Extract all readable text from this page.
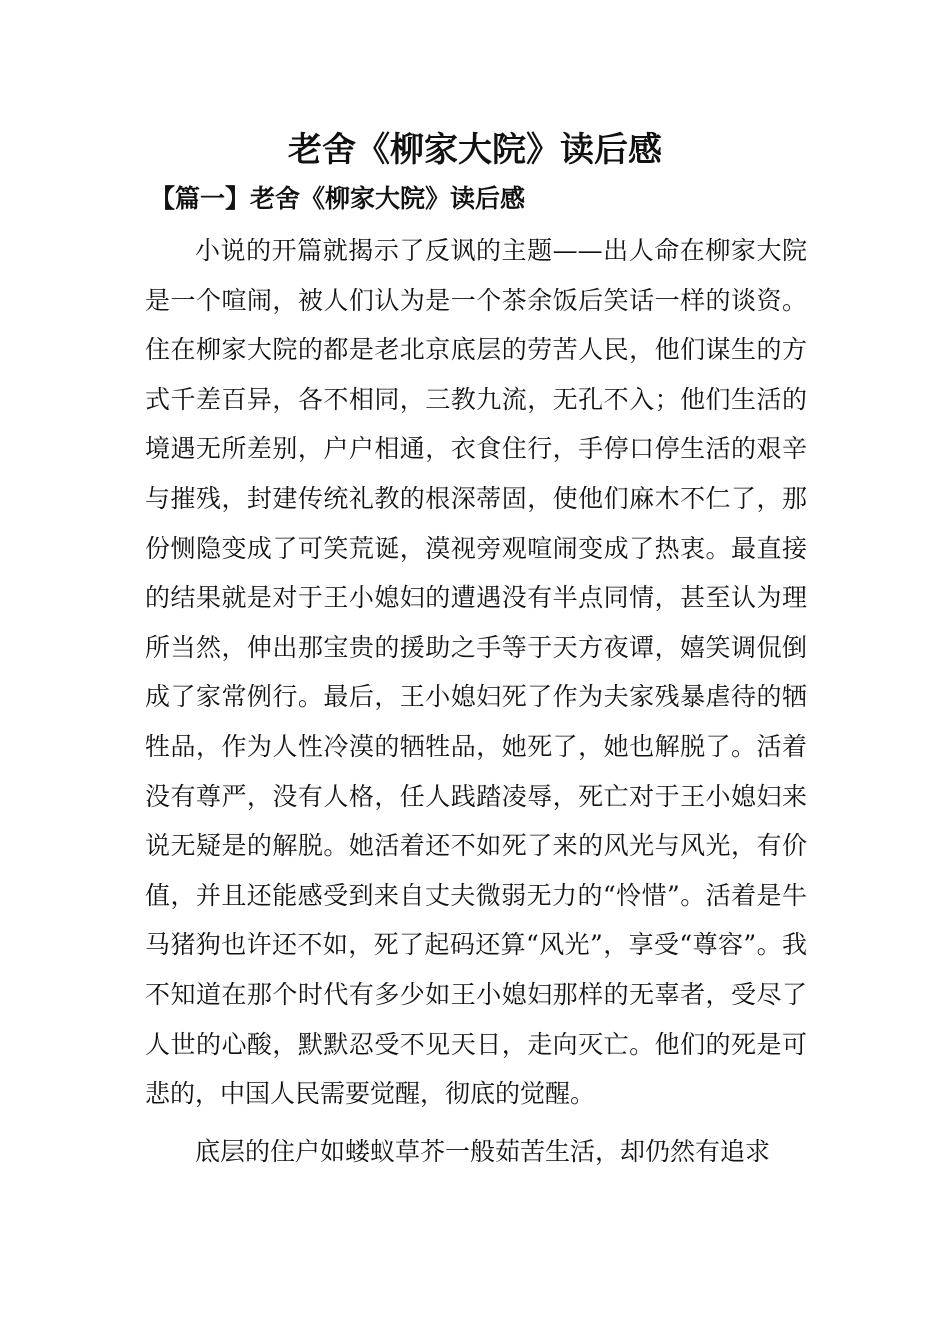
老舍《柳家大院》读后感
【篇一】老舍《柳家大院》读后感

小说的开篇就揭示了反讽的主题——出人命在柳家大院是一个喧闹，被人们认为是一个茶余饭后笑话一样的谈资。住在柳家大院的都是老北京底层的劳苦人民，他们谋生的方式千差百异，各不相同，三教九流，无孔不入；他们生活的境遇无所差别，户户相通，衣食住行，手停口停生活的艰辛与摧残，封建传统礼教的根深蒂固，使他们麻木不仁了，那份恻隐变成了可笑荒诞，漠视旁观喧闹变成了热衷。最直接的结果就是对于王小媳妇的遭遇没有半点同情，甚至认为理所当然，伸出那宝贵的援助之手等于天方夜谭，嬉笑调侃倒成了家常例行。最后，王小媳妇死了作为夫家残暴虐待的牺牲品，作为人性冷漠的牺牲品，她死了，她也解脱了。活着没有尊严，没有人格，任人践踏凌辱，死亡对于王小媳妇来说无疑是的解脱。她活着还不如死了来的风光与风光，有价值，并且还能感受到来自丈夫微弱无力的“怜惜”。活着是牛马猪狗也许还不如，死了起码还算“风光”，享受“尊容”。我不知道在那个时代有多少如王小媳妇那样的无辜者，受尽了人世的心酸，默默忍受不见天日，走向灭亡。他们的死是可悲的，中国人民需要觉醒，彻底的觉醒。

底层的住户如蝼蚁草芥一般茹苦生活，却仍然有追求
